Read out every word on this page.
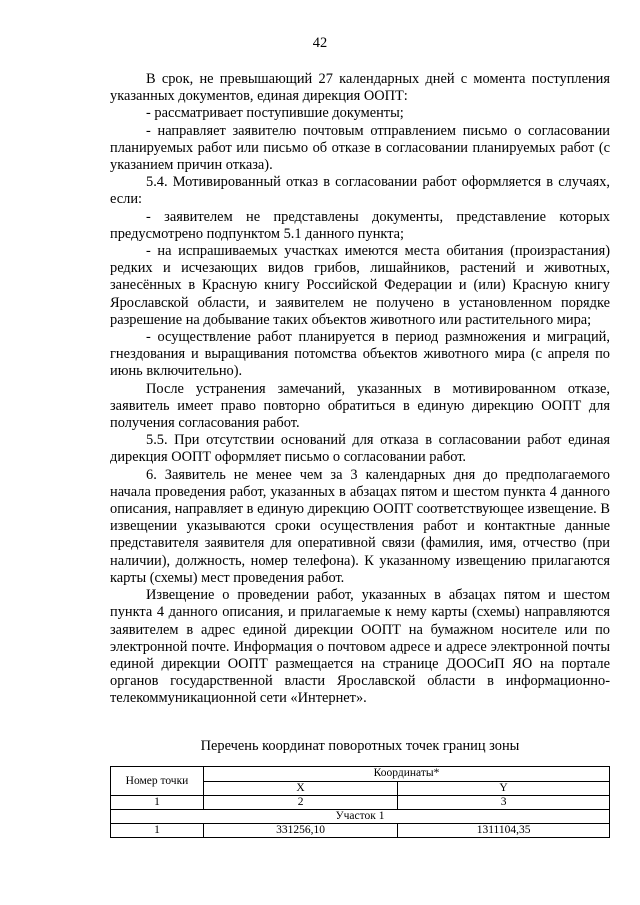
42

В срок, не превышающий 27 календарных дней с момента поступления указанных документов, единая дирекция ООПТ:

- рассматривает поступившие документы;

- направляет заявителю почтовым отправлением письмо о согласовании планируемых работ или письмо об отказе в согласовании планируемых работ (с указанием причин отказа).

5.4. Мотивированный отказ в согласовании работ оформляется в случаях, если:

- заявителем не представлены документы, представление которых предусмотрено подпунктом 5.1 данного пункта;

- на испрашиваемых участках имеются места обитания (произрастания) редких и исчезающих видов грибов, лишайников, растений и животных, занесённых в Красную книгу Российской Федерации и (или) Красную книгу Ярославской области, и заявителем не получено в установленном порядке разрешение на добывание таких объектов животного или растительного мира;

- осуществление работ планируется в период размножения и миграций, гнездования и выращивания потомства объектов животного мира (с апреля по июнь включительно).

После устранения замечаний, указанных в мотивированном отказе, заявитель имеет право повторно обратиться в единую дирекцию ООПТ для получения согласования работ.

5.5. При отсутствии оснований для отказа в согласовании работ единая дирекция ООПТ оформляет письмо о согласовании работ.

6. Заявитель не менее чем за 3 календарных дня до предполагаемого начала проведения работ, указанных в абзацах пятом и шестом пункта 4 данного описания, направляет в единую дирекцию ООПТ соответствующее извещение. В извещении указываются сроки осуществления работ и контактные данные представителя заявителя для оперативной связи (фамилия, имя, отчество (при наличии), должность, номер телефона). К указанному извещению прилагаются карты (схемы) мест проведения работ.

Извещение о проведении работ, указанных в абзацах пятом и шестом пункта 4 данного описания, и прилагаемые к нему карты (схемы) направляются заявителем в адрес единой дирекции ООПТ на бумажном носителе или по электронной почте. Информация о почтовом адресе и адресе электронной почты единой дирекции ООПТ размещается на странице ДООСиП ЯО на портале органов государственной власти Ярославской области в информационно-телекоммуникационной сети «Интернет».

Перечень координат поворотных точек границ зоны
Номер точки	Координаты*	
	X	Y
1	2	3
Участок 1		
1	331256,10	1311104,35
